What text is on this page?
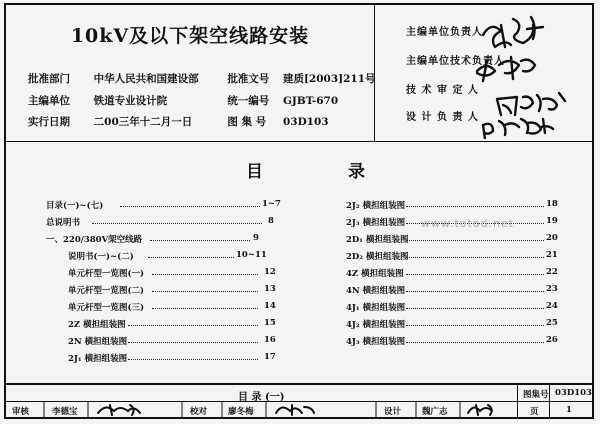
10kV及以下架空线路安装
批准部门 中华人民共和国建设部	批准文号 建质[2003]211号
主编单位 铁道专业设计院	统一编号 GJBT-670
实行日期 二00三年十二月一日	图 集 号 03D103
主编单位负责人
主编单位技术负责人
技 术 审 定 人
设 计 负 责 人
目	录
目录(一)~(七)	1~7
总说明书	8
一、220/380V架空线路	9
说明书(一)~(二)	10~11
单元杆型一览图(一)	12
单元杆型一览图(二)	13
单元杆型一览图(三)	14
2Z 横担组装图	15
2N 横担组装图	16
2J₁ 横担组装图	17
2J₂ 横担组装图	18
2J₃ 横担组装图	19
2D₁ 横担组装图	20
2D₂ 横担组装图	21
4Z 横担组装图	22
4N 横担组装图	23
4J₁ 横担组装图	24
4J₂ 横担组装图	25
4J₃ 横担组装图	26
www.totod.net
目 录 (一)	图集号 03D103
审核	李德宝	校对 廖冬梅	设计 魏广志	页	1
